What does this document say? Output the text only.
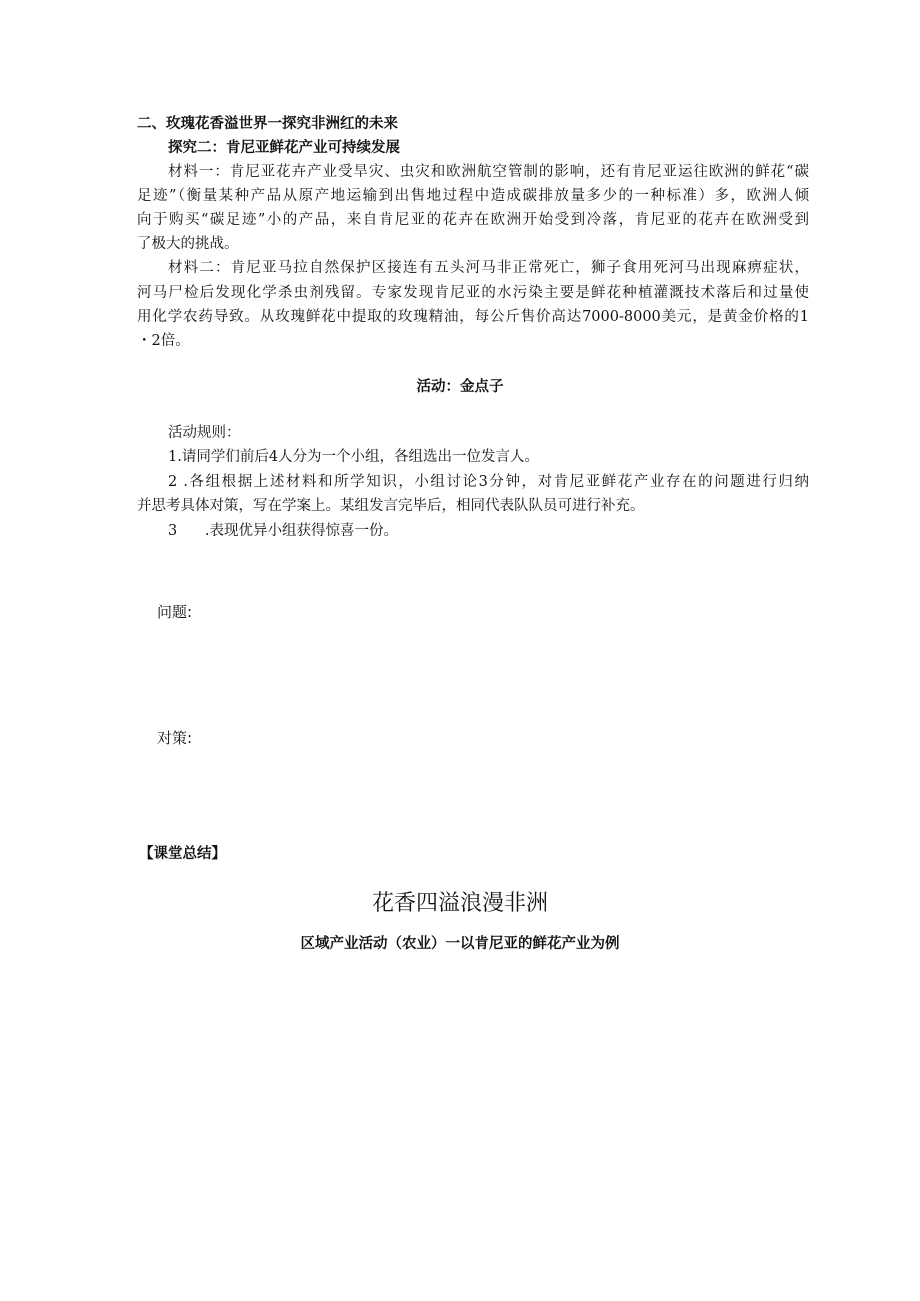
二、玫瑰花香溢世界一探究非洲红的未来
探究二：肯尼亚鲜花产业可持续发展
材料一：肯尼亚花卉产业受旱灾、虫灾和欧洲航空管制的影响，还有肯尼亚运往欧洲的鲜花“碳
足迹”（衡量某种产品从原产地运输到出售地过程中造成碳排放量多少的一种标准）多，欧洲人倾
向于购买“碳足迹”小的产品，来自肯尼亚的花卉在欧洲开始受到冷落，肯尼亚的花卉在欧洲受到
了极大的挑战。
材料二：肯尼亚马拉自然保护区接连有五头河马非正常死亡，狮子食用死河马出现麻痹症状，
河马尸检后发现化学杀虫剂残留。专家发现肯尼亚的水污染主要是鲜花种植灌溉技术落后和过量使
用化学农药导致。从玫瑰鲜花中提取的玫瑰精油，每公斤售价高达7000-8000美元，是黄金价格的1
・2倍。
活动：金点子
活动规则：
1.请同学们前后4人分为一个小组，各组选出一位发言人。
2 .各组根据上述材料和所学知识，小组讨论3分钟，对肯尼亚鲜花产业存在的问题进行归纳
并思考具体对策，写在学案上。某组发言完毕后，相同代表队队员可进行补充。
3      .表现优异小组获得惊喜一份。
问题:
对策:
【课堂总结】
花香四溢浪漫非洲
区域产业活动（农业）一以肯尼亚的鲜花产业为例
